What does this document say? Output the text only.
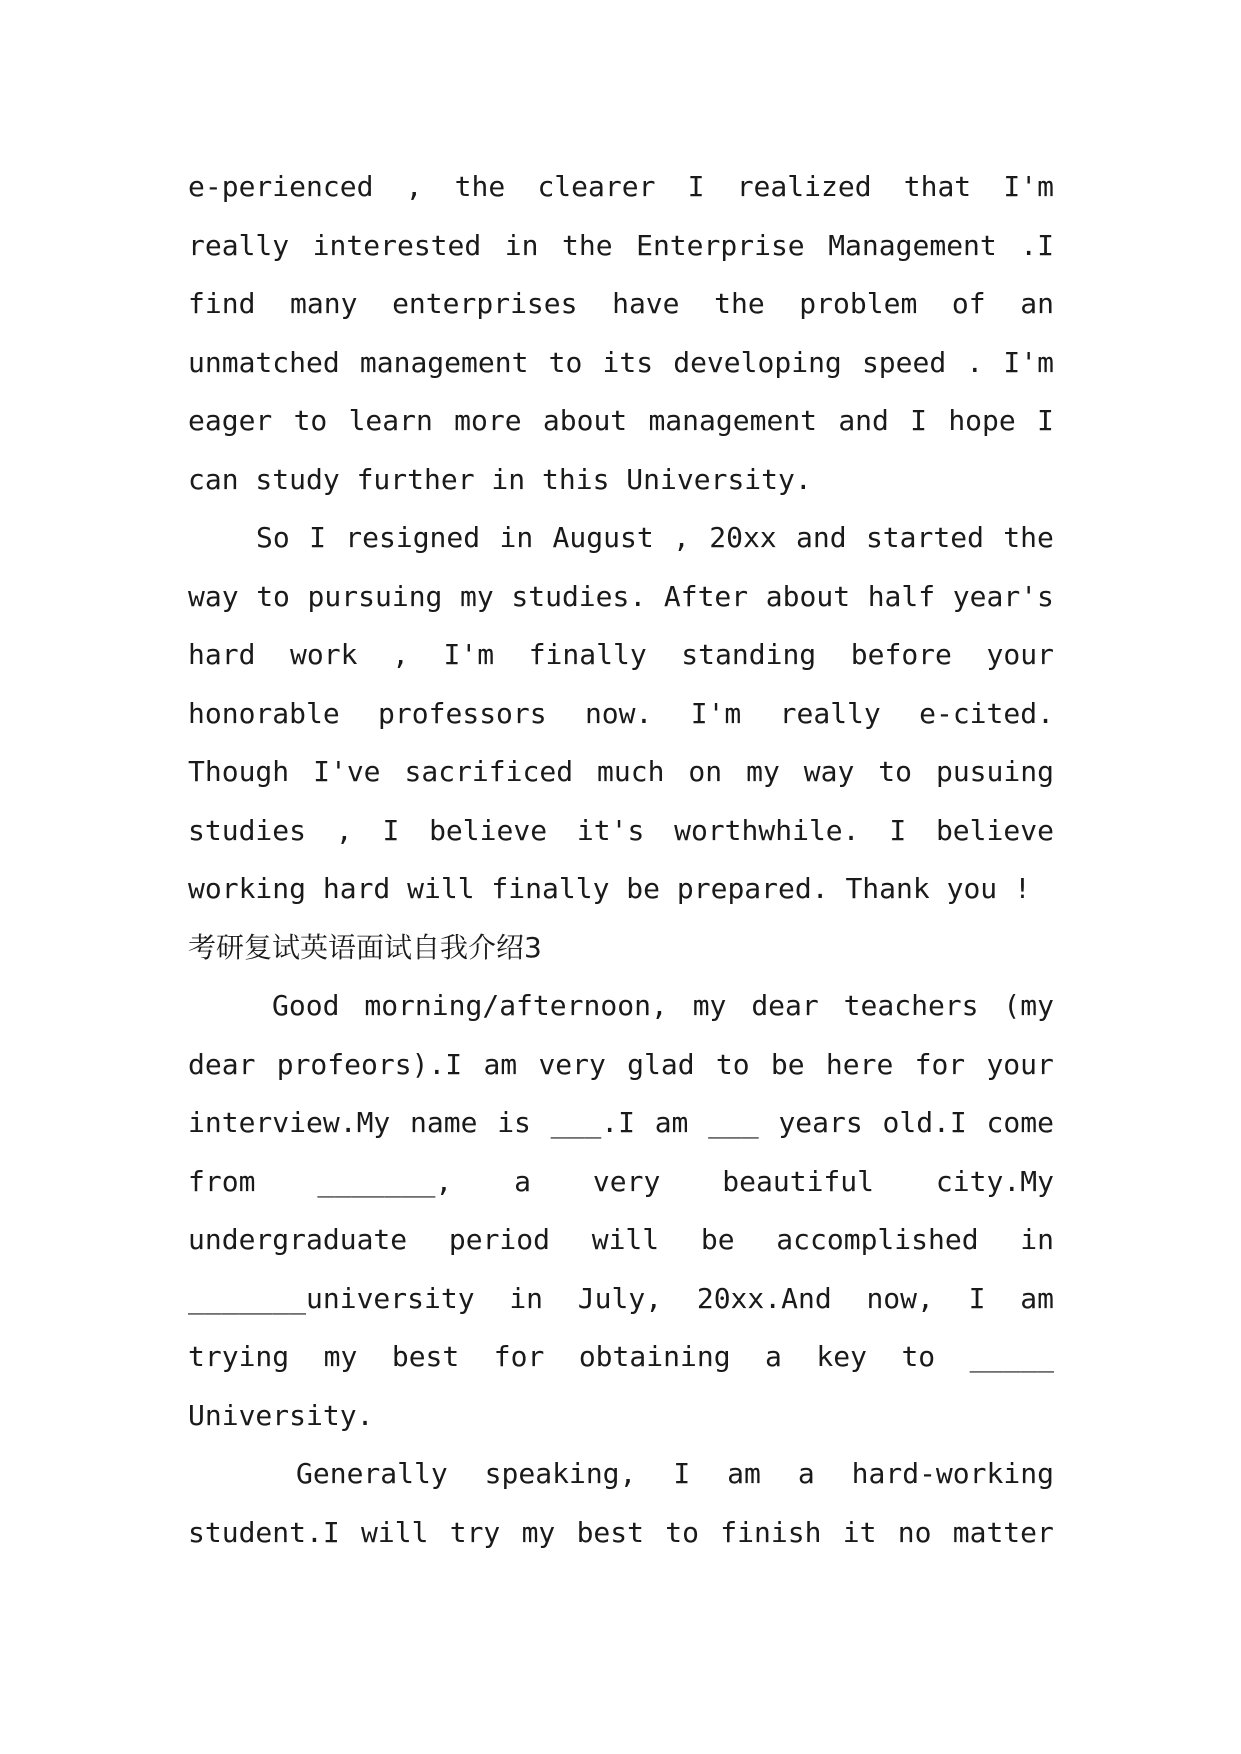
e-perienced , the clearer I realized that I'm
really interested in the Enterprise Management .I
find many enterprises have the problem of an
unmatched management to its developing speed . I'm
eager to learn more about management and I hope I
can study further in this University.
So I resigned in August , 20xx and started the
way to pursuing my studies. After about half year's
hard work , I'm finally standing before your
honorable professors now. I'm really e-cited.
Though I've sacrificed much on my way to pusuing
studies , I believe it's worthwhile. I believe
working hard will finally be prepared. Thank you !
考研复试英语面试自我介绍3
Good morning/afternoon, my dear teachers (my
dear profeors).I am very glad to be here for your
interview.My name is ___.I am ___ years old.I come
from _______, a very beautiful city.My
undergraduate period will be accomplished in
_______university in July, 20xx.And now, I am
trying my best for obtaining a key to _____
University.
Generally speaking, I am a hard-working
student.I will try my best to finish it no matter
